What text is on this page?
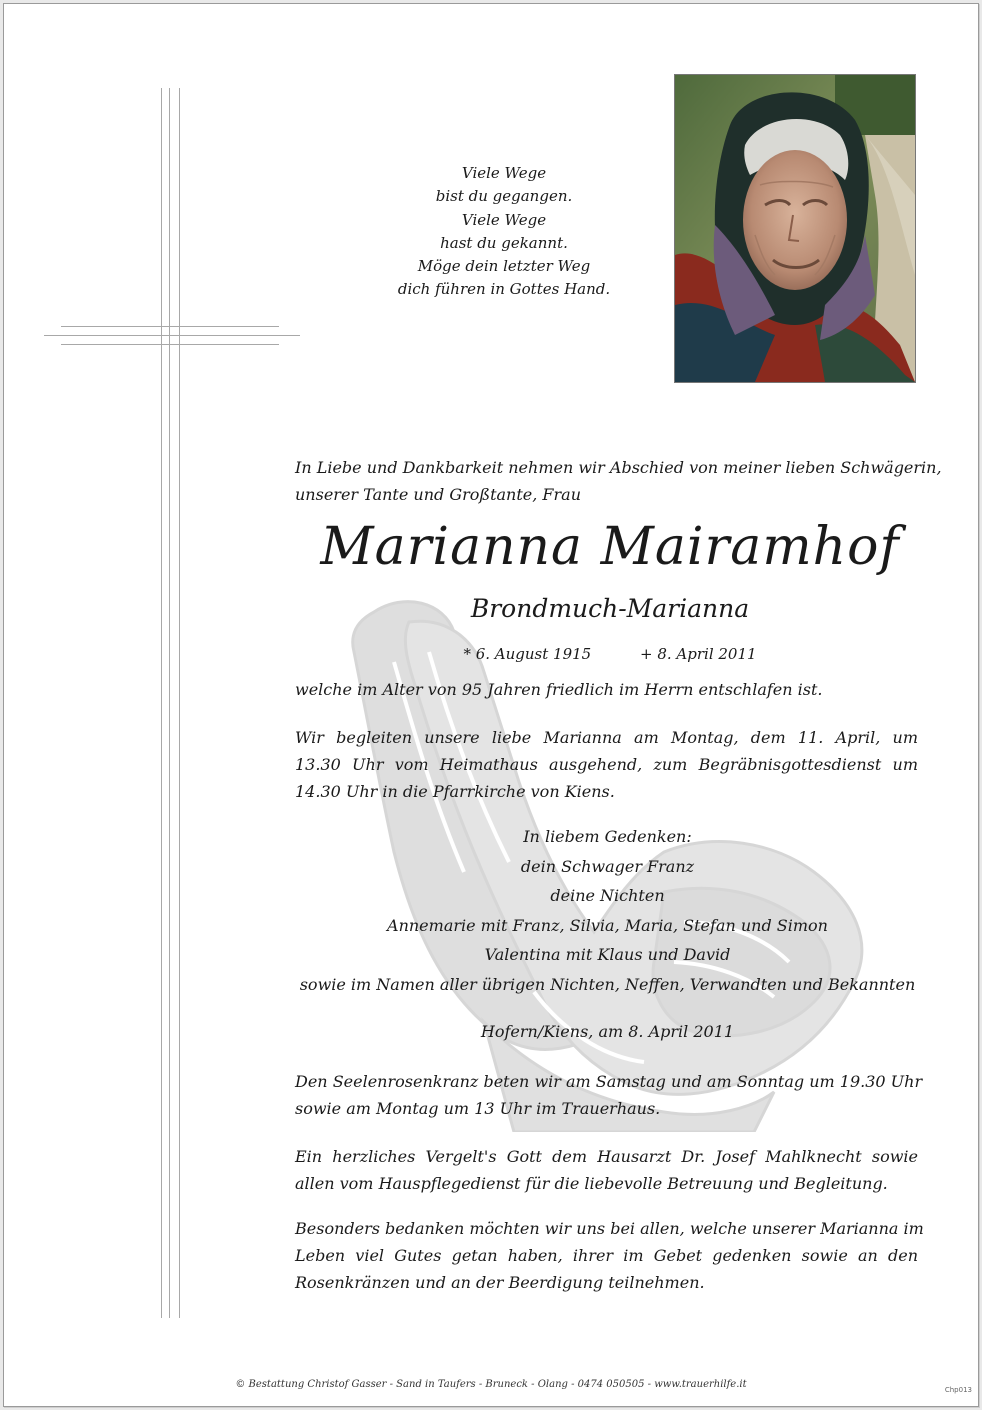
Viele Wege
bist du gegangen.
Viele Wege
hast du gekannt.
Möge dein letzter Weg
dich führen in Gottes Hand.
In Liebe und Dankbarkeit nehmen wir Abschied von meiner lieben Schwägerin,
unserer Tante und Großtante, Frau
Marianna Mairamhof
Brondmuch-Marianna
* 6. August 1915	+ 8. April 2011
welche im Alter von 95 Jahren friedlich im Herrn entschlafen ist.
Wir begleiten unsere liebe Marianna am Montag, dem 11. April, um
13.30 Uhr vom Heimathaus ausgehend, zum Begräbnisgottesdienst um
14.30 Uhr in die Pfarrkirche von Kiens.
In liebem Gedenken:
dein Schwager Franz
deine Nichten
Annemarie mit Franz, Silvia, Maria, Stefan und Simon
Valentina mit Klaus und David
sowie im Namen aller übrigen Nichten, Neffen, Verwandten und Bekannten
Hofern/Kiens, am 8. April 2011
Den Seelenrosenkranz beten wir am Samstag und am Sonntag um 19.30 Uhr
sowie am Montag um 13 Uhr im Trauerhaus.
Ein herzliches Vergelt's Gott dem Hausarzt Dr. Josef Mahlknecht sowie
allen vom Hauspflegedienst für die liebevolle Betreuung und Begleitung.
Besonders bedanken möchten wir uns bei allen, welche unserer Marianna im
Leben viel Gutes getan haben, ihrer im Gebet gedenken sowie an den
Rosenkränzen und an der Beerdigung teilnehmen.
© Bestattung Christof Gasser - Sand in Taufers - Bruneck - Olang - 0474 050505 - www.trauerhilfe.it	Chp013
